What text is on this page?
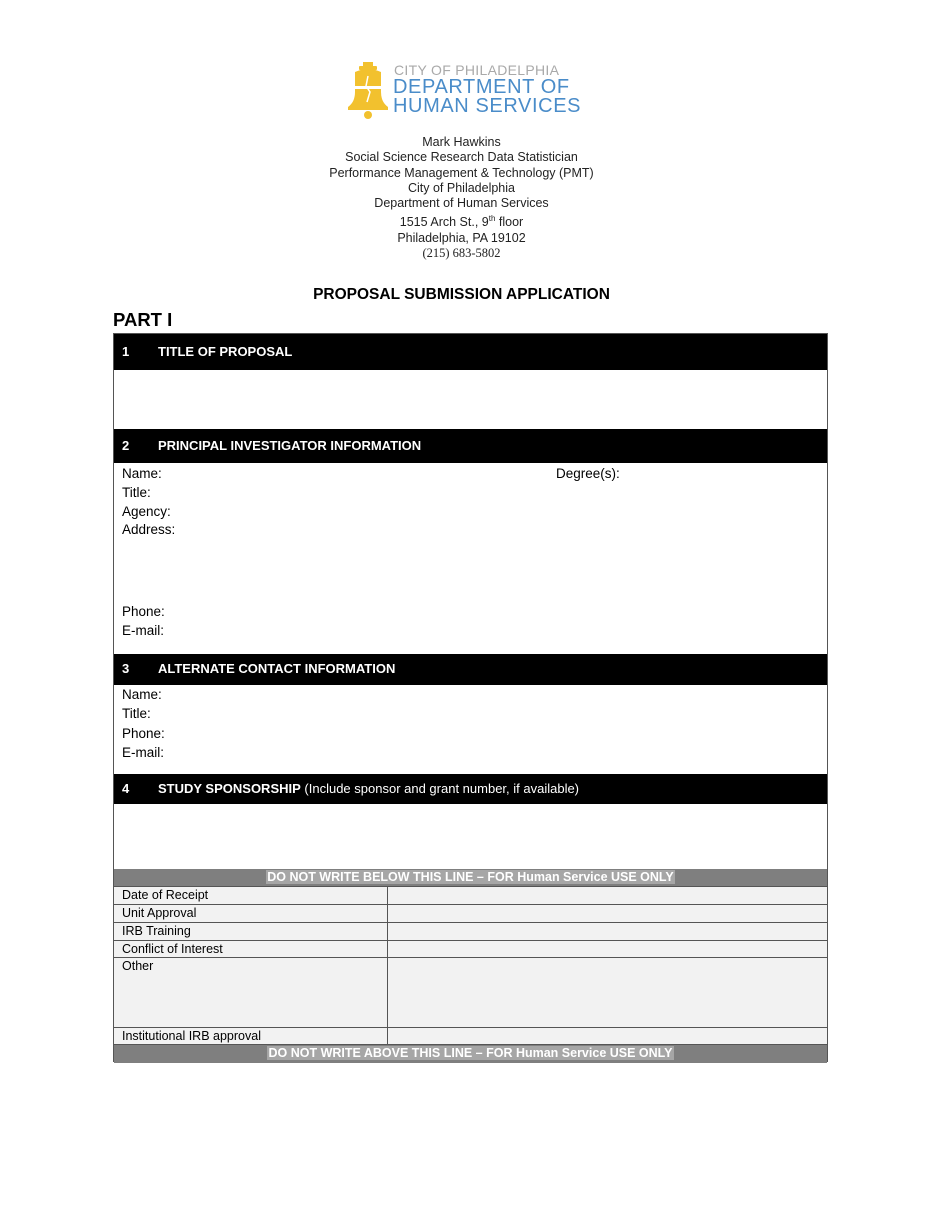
CITY OF PHILADELPHIA
DEPARTMENT OF
HUMAN SERVICES
Mark Hawkins
Social Science Research Data Statistician
Performance Management & Technology (PMT)
City of Philadelphia
Department of Human Services
1515 Arch St., 9th floor
Philadelphia, PA 19102
(215) 683-5802
PROPOSAL SUBMISSION APPLICATION
PART I
1 TITLE OF PROPOSAL
2 PRINCIPAL INVESTIGATOR INFORMATION
Name:	Degree(s):
Title:
Agency:
Address:
Phone:
E-mail:
3 ALTERNATE CONTACT INFORMATION
Name:
Title:
Phone:
E-mail:
4 STUDY SPONSORSHIP (Include sponsor and grant number, if available)
DO NOT WRITE BELOW THIS LINE – FOR Human Service USE ONLY
Date of Receipt
Unit Approval
IRB Training
Conflict of Interest
Other
Institutional IRB approval
DO NOT WRITE ABOVE THIS LINE – FOR Human Service USE ONLY
